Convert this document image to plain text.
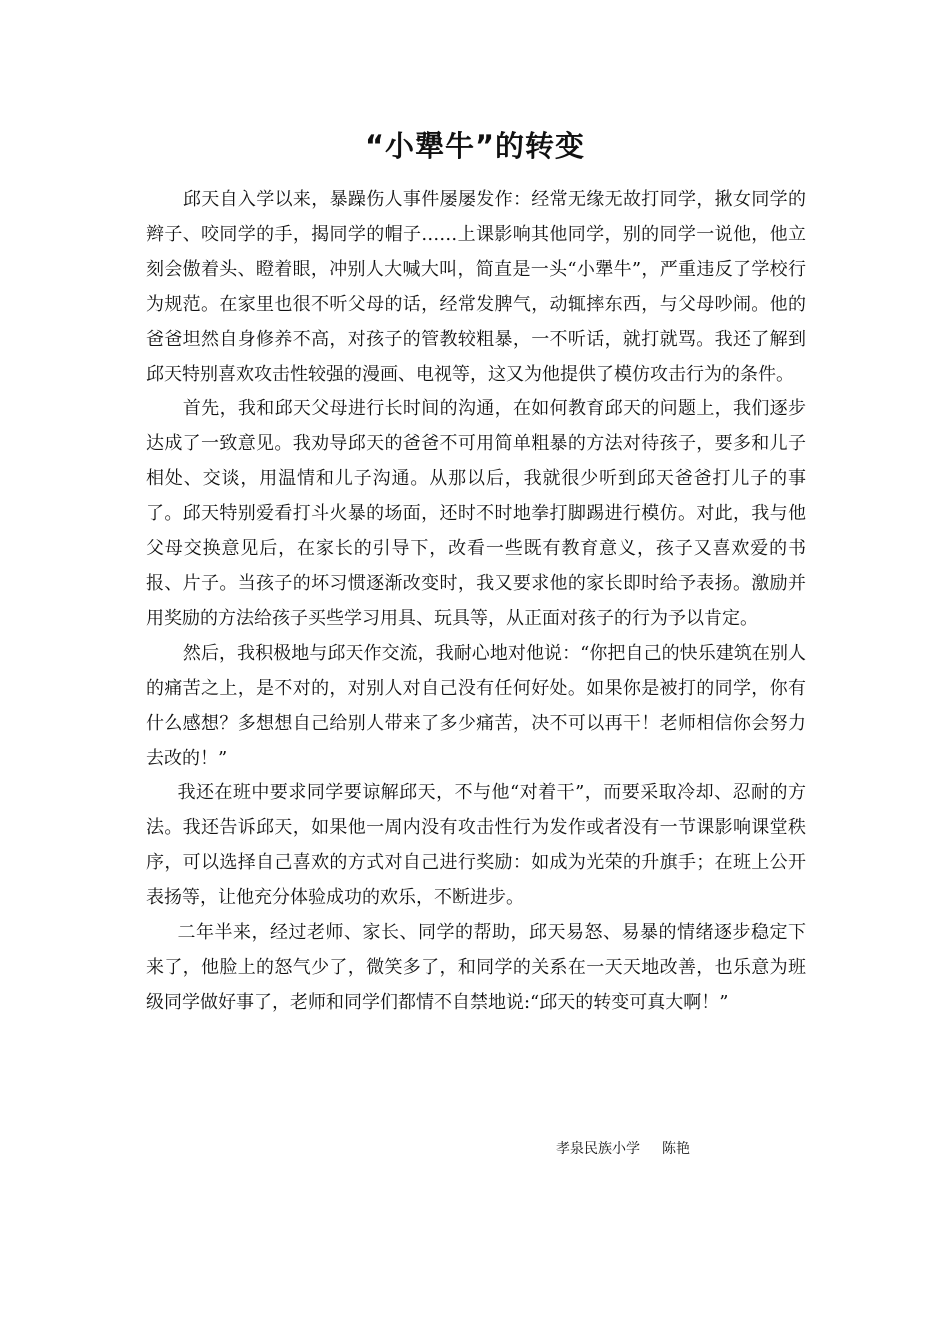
“小犟牛”的转变

邱天自入学以来，暴躁伤人事件屡屡发作：经常无缘无故打同学，揪女同学的辫子、咬同学的手，揭同学的帽子……上课影响其他同学，别的同学一说他，他立刻会傲着头、瞪着眼，冲别人大喊大叫，简直是一头“小犟牛”，严重违反了学校行为规范。在家里也很不听父母的话，经常发脾气，动辄摔东西，与父母吵闹。他的爸爸坦然自身修养不高，对孩子的管教较粗暴，一不听话，就打就骂。我还了解到邱天特别喜欢攻击性较强的漫画、电视等，这又为他提供了模仿攻击行为的条件。

首先，我和邱天父母进行长时间的沟通，在如何教育邱天的问题上，我们逐步达成了一致意见。我劝导邱天的爸爸不可用简单粗暴的方法对待孩子，要多和儿子相处、交谈，用温情和儿子沟通。从那以后，我就很少听到邱天爸爸打儿子的事了。邱天特别爱看打斗火暴的场面，还时不时地拳打脚踢进行模仿。对此，我与他父母交换意见后，在家长的引导下，改看一些既有教育意义，孩子又喜欢爱的书报、片子。当孩子的坏习惯逐渐改变时，我又要求他的家长即时给予表扬。激励并用奖励的方法给孩子买些学习用具、玩具等，从正面对孩子的行为予以肯定。

然后，我积极地与邱天作交流，我耐心地对他说：“你把自己的快乐建筑在别人的痛苦之上，是不对的，对别人对自己没有任何好处。如果你是被打的同学，你有什么感想？多想想自己给别人带来了多少痛苦，决不可以再干！老师相信你会努力去改的！”

我还在班中要求同学要谅解邱天，不与他“对着干”，而要采取冷却、忍耐的方法。我还告诉邱天，如果他一周内没有攻击性行为发作或者没有一节课影响课堂秩序，可以选择自己喜欢的方式对自己进行奖励：如成为光荣的升旗手；在班上公开表扬等，让他充分体验成功的欢乐，不断进步。

二年半来，经过老师、家长、同学的帮助，邱天易怒、易暴的情绪逐步稳定下来了，他脸上的怒气少了，微笑多了，和同学的关系在一天天地改善，也乐意为班级同学做好事了，老师和同学们都情不自禁地说:“邱天的转变可真大啊！”

孝泉民族小学 陈艳
